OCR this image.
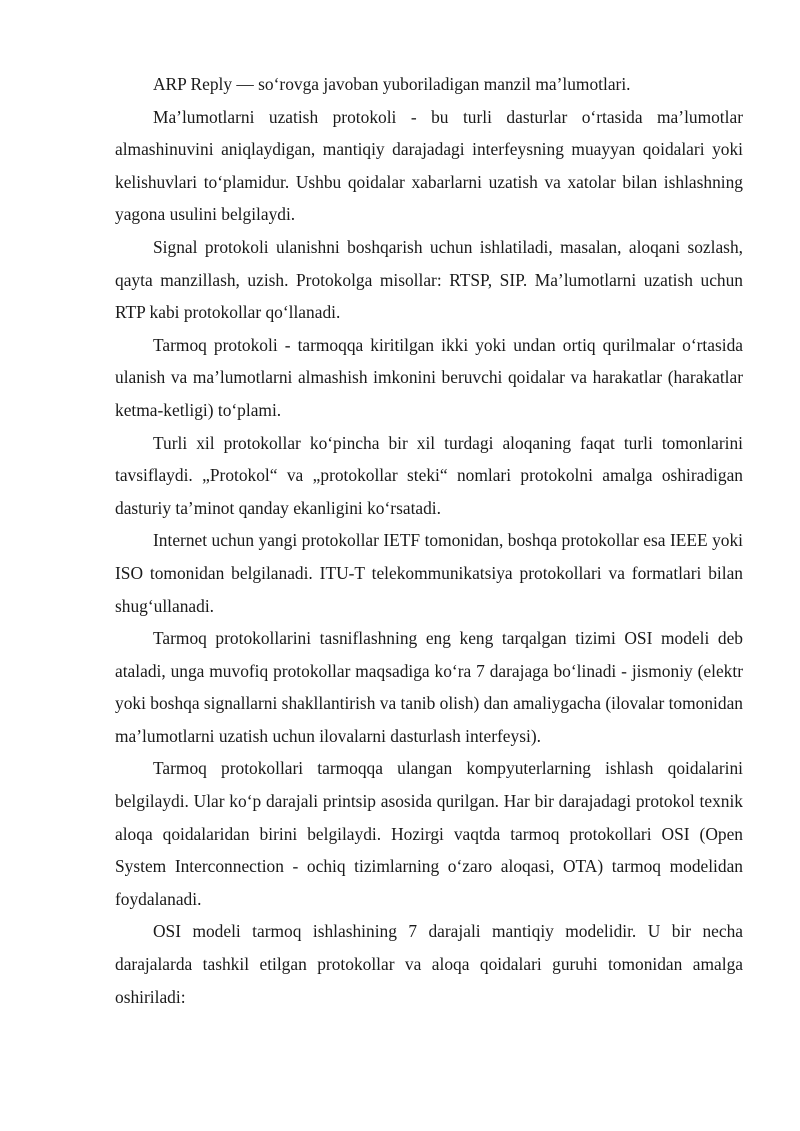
ARP Reply — so‘rovga javoban yuboriladigan manzil ma’lumotlari.

Ma’lumotlarni uzatish protokoli - bu turli dasturlar o‘rtasida ma’lumotlar almashinuvini aniqlaydigan, mantiqiy darajadagi interfeysning muayyan qoidalari yoki kelishuvlari to‘plamidur. Ushbu qoidalar xabarlarni uzatish va xatolar bilan ishlashning yagona usulini belgilaydi.

Signal protokoli ulanishni boshqarish uchun ishlatiladi, masalan, aloqani sozlash, qayta manzillash, uzish. Protokolga misollar: RTSP, SIP. Ma’lumotlarni uzatish uchun RTP kabi protokollar qo‘llanadi.

Tarmoq protokoli - tarmoqqa kiritilgan ikki yoki undan ortiq qurilmalar o‘rtasida ulanish va ma’lumotlarni almashish imkonini beruvchi qoidalar va harakatlar (harakatlar ketma-ketligi) to‘plami.

Turli xil protokollar ko‘pincha bir xil turdagi aloqaning faqat turli tomonlarini tavsiflaydi. „Protokol“ va „protokollar steki“ nomlari protokolni amalga oshiradigan dasturiy ta’minot qanday ekanligini ko‘rsatadi.

Internet uchun yangi protokollar IETF tomonidan, boshqa protokollar esa IEEE yoki ISO tomonidan belgilanadi. ITU-T telekommunikatsiya protokollari va formatlari bilan shug‘ullanadi.

Tarmoq protokollarini tasniflashning eng keng tarqalgan tizimi OSI modeli deb ataladi, unga muvofiq protokollar maqsadiga ko‘ra 7 darajaga bo‘linadi - jismoniy (elektr yoki boshqa signallarni shakllantirish va tanib olish) dan amaliygacha (ilovalar tomonidan ma’lumotlarni uzatish uchun ilovalarni dasturlash interfeysi).

Tarmoq protokollari tarmoqqa ulangan kompyuterlarning ishlash qoidalarini belgilaydi. Ular ko‘p darajali printsip asosida qurilgan. Har bir darajadagi protokol texnik aloqa qoidalaridan birini belgilaydi. Hozirgi vaqtda tarmoq protokollari OSI (Open System Interconnection - ochiq tizimlarning o‘zaro aloqasi, OTA) tarmoq modelidan foydalanadi.

OSI modeli tarmoq ishlashining 7 darajali mantiqiy modelidir. U bir necha darajalarda tashkil etilgan protokollar va aloqa qoidalari guruhi tomonidan amalga oshiriladi:
